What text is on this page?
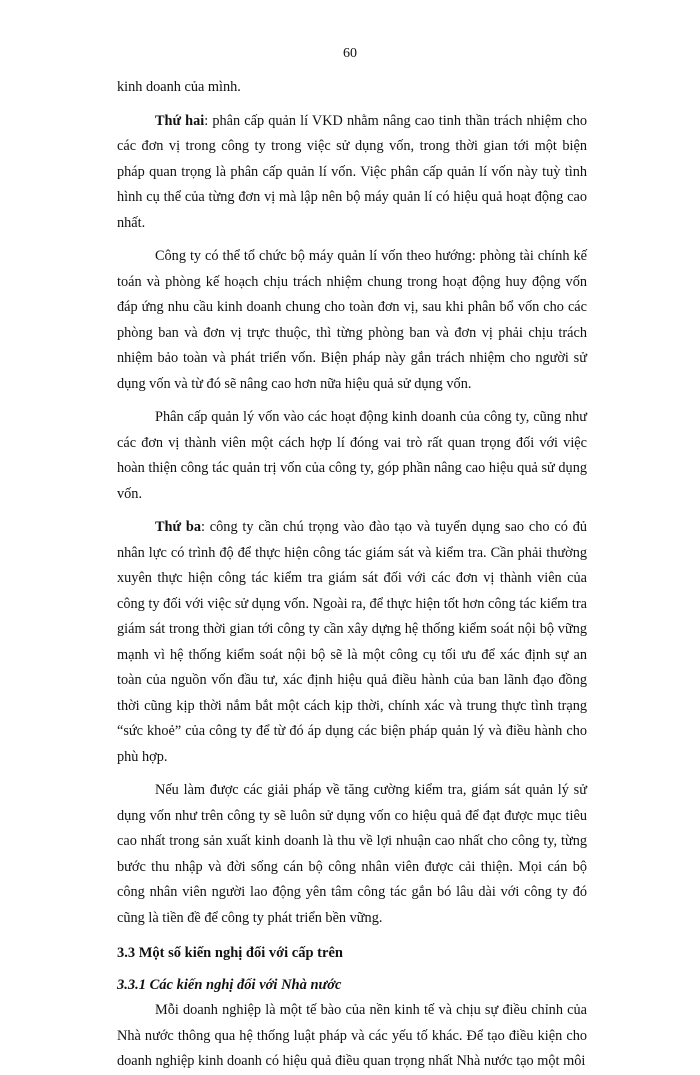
60

kinh doanh của mình.

Thứ hai: phân cấp quản lí VKD nhằm nâng cao tinh thần trách nhiệm cho các đơn vị trong công ty trong việc sử dụng vốn, trong thời gian tới một biện pháp quan trọng là phân cấp quản lí vốn. Việc phân cấp quản lí vốn này tuỳ tình hình cụ thể của từng đơn vị mà lập nên bộ máy quản lí có hiệu quả hoạt động cao nhất.

Công ty có thể tổ chức bộ máy quản lí vốn theo hướng: phòng tài chính kế toán và phòng kế hoạch chịu trách nhiệm chung trong hoạt động huy động vốn đáp ứng nhu cầu kinh doanh chung cho toàn đơn vị, sau khi phân bổ vốn cho các phòng ban và đơn vị trực thuộc, thì từng phòng ban và đơn vị phải chịu trách nhiệm bảo toàn và phát triển vốn. Biện pháp này gắn trách nhiệm cho người sử dụng vốn và từ đó sẽ nâng cao hơn nữa hiệu quả sử dụng vốn.

Phân cấp quản lý vốn vào các hoạt động kinh doanh của công ty, cũng như các đơn vị thành viên một cách hợp lí đóng vai trò rất quan trọng đối với việc hoàn thiện công tác quản trị vốn của công ty, góp phần nâng cao hiệu quả sử dụng vốn.

Thứ ba: công ty cần chú trọng vào đào tạo và tuyển dụng sao cho có đủ nhân lực có trình độ để thực hiện công tác giám sát và kiểm tra. Cần phải thường xuyên thực hiện công tác kiểm tra giám sát đối với các đơn vị thành viên của công ty đối với việc sử dụng vốn. Ngoài ra, để thực hiện tốt hơn công tác kiểm tra giám sát trong thời gian tới công ty cần xây dựng hệ thống kiểm soát nội bộ vững mạnh vì hệ thống kiểm soát nội bộ sẽ là một công cụ tối ưu để xác định sự an toàn của nguồn vốn đầu tư, xác định hiệu quả điều hành của ban lãnh đạo đồng thời cũng kịp thời nắm bắt một cách kịp thời, chính xác và trung thực tình trạng “sức khoẻ” của công ty để từ đó áp dụng các biện pháp quản lý và điều hành cho phù hợp.

Nếu làm được các giải pháp về tăng cường kiểm tra, giám sát quản lý sử dụng vốn như trên công ty sẽ luôn sử dụng vốn co hiệu quả để đạt được mục tiêu cao nhất trong sản xuất kinh doanh là thu về lợi nhuận cao nhất cho công ty, từng bước thu nhập và đời sống cán bộ công nhân viên được cải thiện. Mọi cán bộ công nhân viên người lao động yên tâm công tác gắn bó lâu dài với công ty đó cũng là tiền đề để công ty phát triển bền vững.

3.3 Một số kiến nghị đối với cấp trên

3.3.1 Các kiến nghị đối với Nhà nước

Mỗi doanh nghiệp là một tế bào của nền kinh tế và chịu sự điều chỉnh của Nhà nước thông qua hệ thống luật pháp và các yếu tố khác. Để tạo điều kiện cho doanh nghiệp kinh doanh có hiệu quả điều quan trọng nhất Nhà nước tạo một môi
